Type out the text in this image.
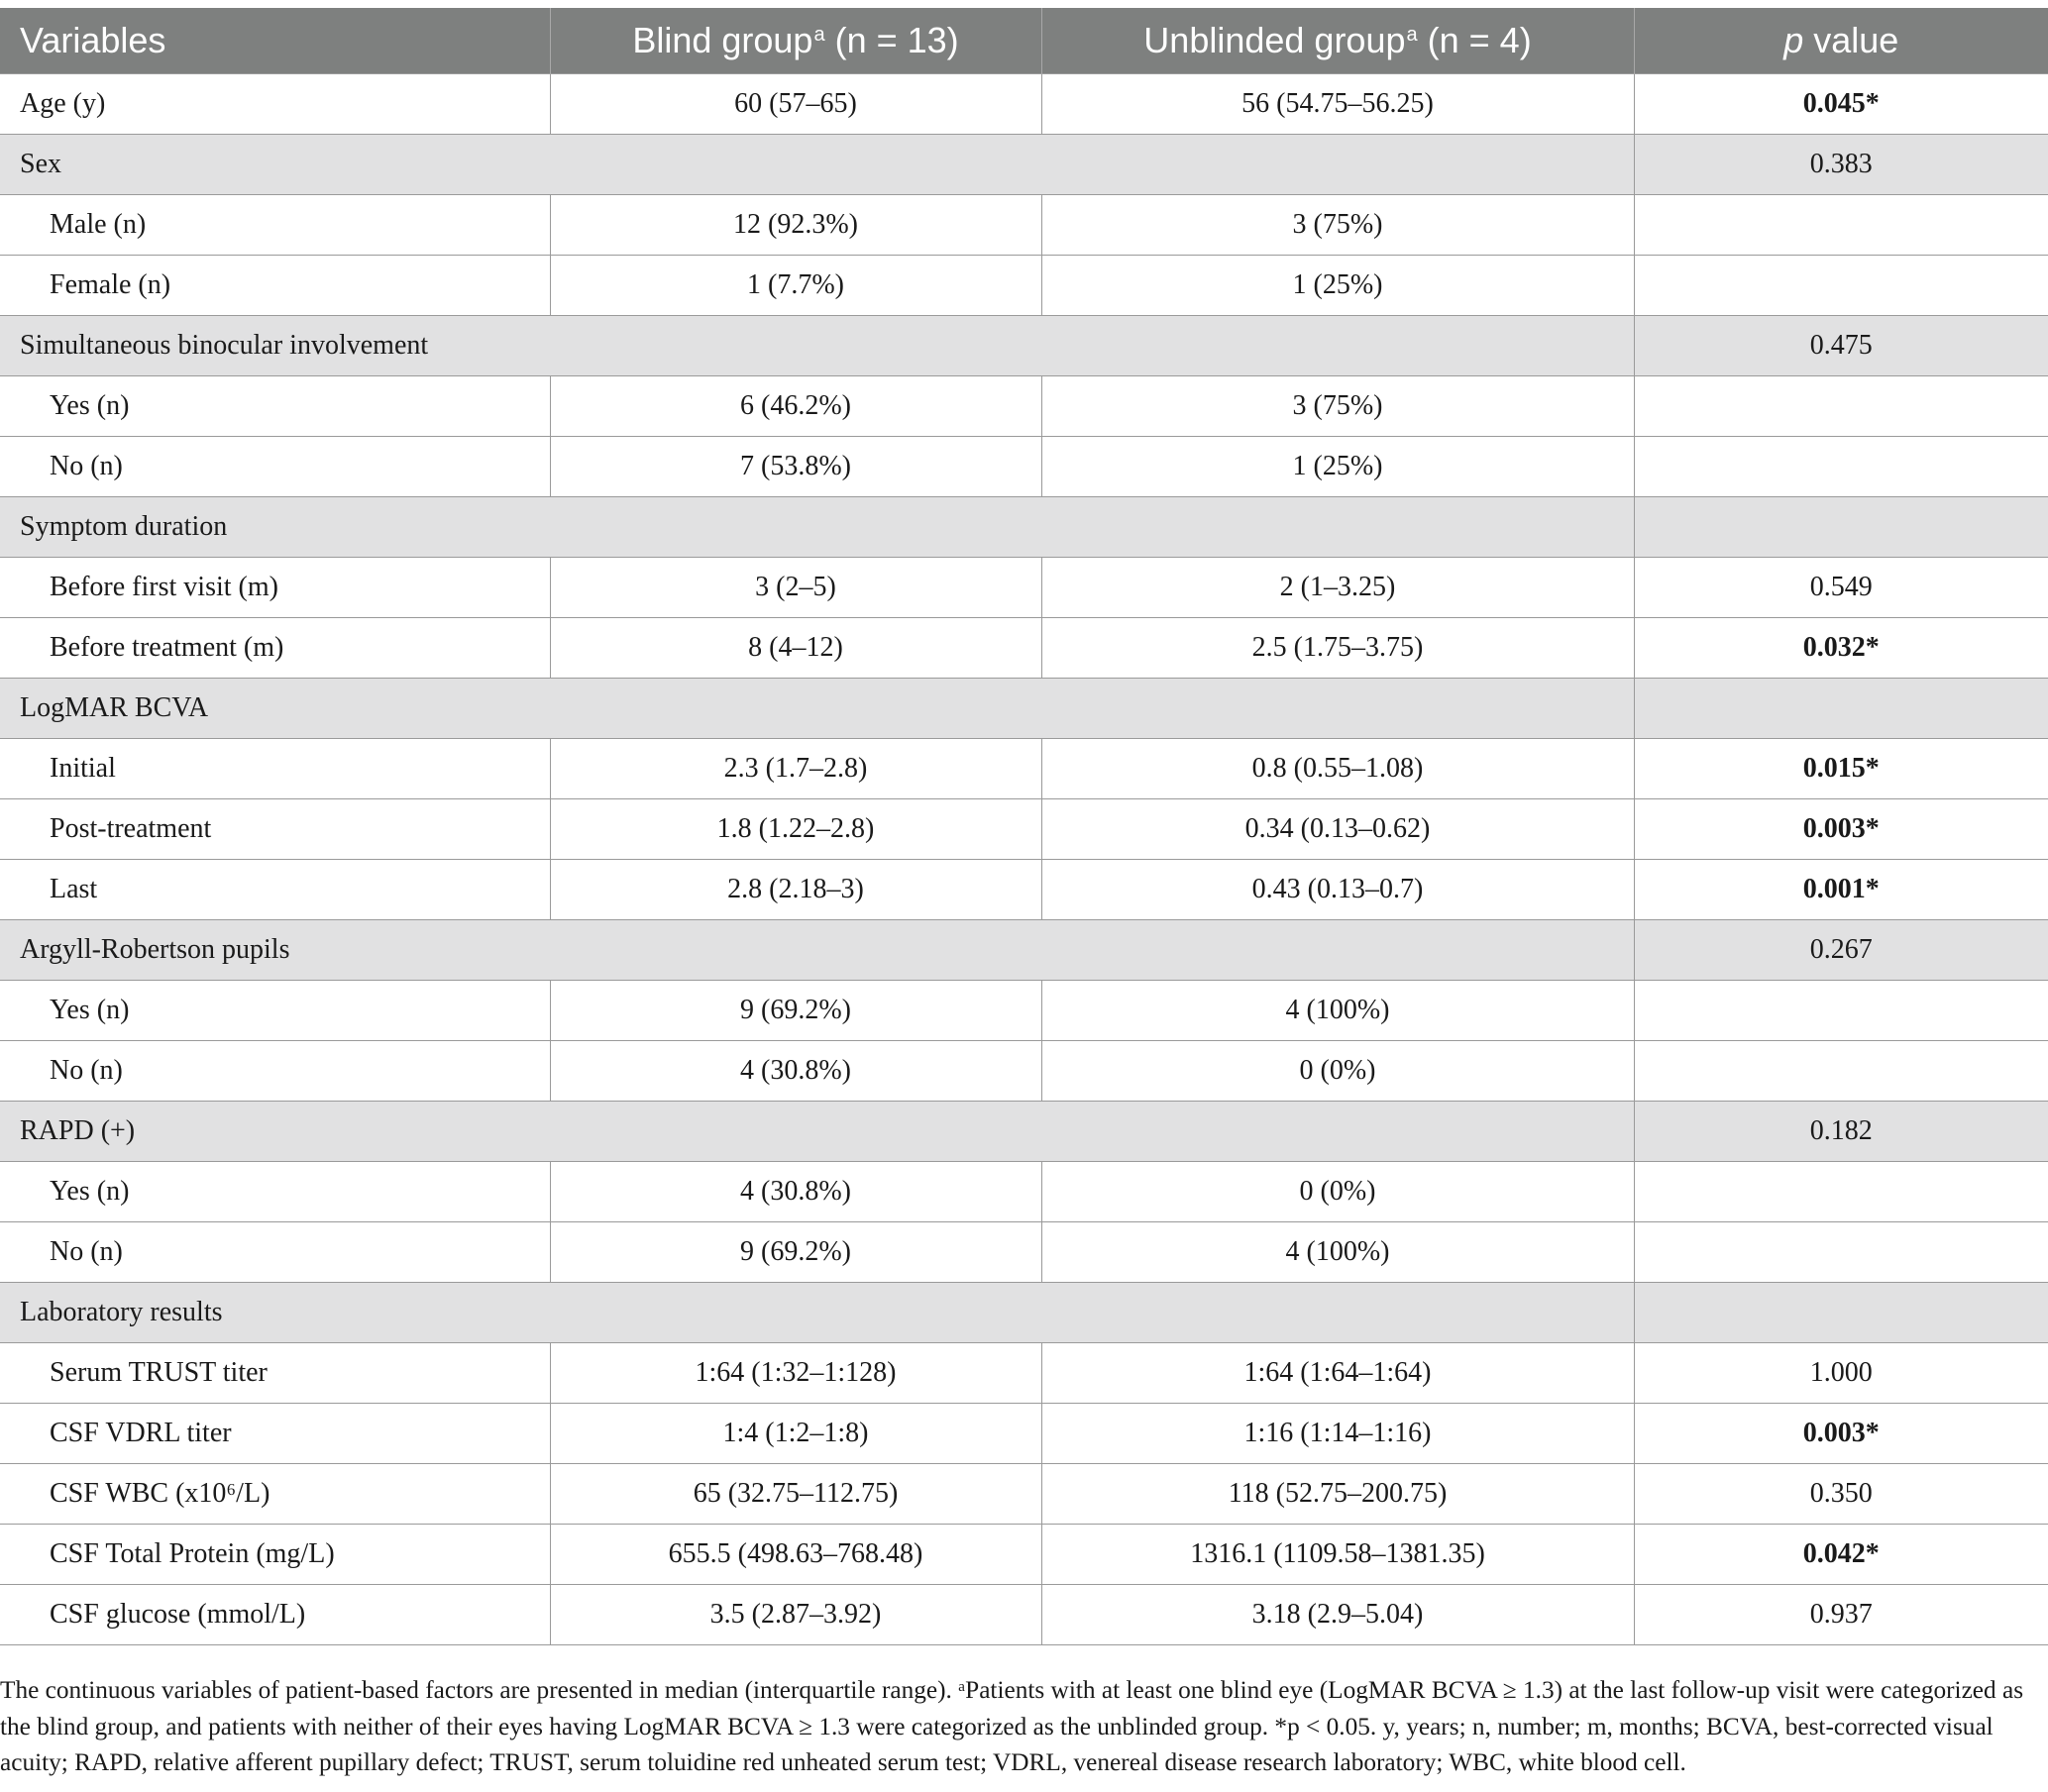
Variables	Blind group$^a$ (n = 13)	Unblinded group$^a$ (n = 4)	p value
Age (y)	60 (57–65)	56 (54.75–56.25)	0.045*
Sex			0.383
Male (n)	12 (92.3%)	3 (75%)	
Female (n)	1 (7.7%)	1 (25%)	
Simultaneous binocular involvement			0.475
Yes (n)	6 (46.2%)	3 (75%)	
No (n)	7 (53.8%)	1 (25%)	
Symptom duration			
Before first visit (m)	3 (2–5)	2 (1–3.25)	0.549
Before treatment (m)	8 (4–12)	2.5 (1.75–3.75)	0.032*
LogMAR BCVA			
Initial	2.3 (1.7–2.8)	0.8 (0.55–1.08)	0.015*
Post-treatment	1.8 (1.22–2.8)	0.34 (0.13–0.62)	0.003*
Last	2.8 (2.18–3)	0.43 (0.13–0.7)	0.001*
Argyll-Robertson pupils			0.267
Yes (n)	9 (69.2%)	4 (100%)	
No (n)	4 (30.8%)	0 (0%)	
RAPD (+)			0.182
Yes (n)	4 (30.8%)	0 (0%)	
No (n)	9 (69.2%)	4 (100%)	
Laboratory results			
Serum TRUST titer	1:64 (1:32–1:128)	1:64 (1:64–1:64)	1.000
CSF VDRL titer	1:4 (1:2–1:8)	1:16 (1:14–1:16)	0.003*
CSF WBC (x10⁶/L)	65 (32.75–112.75)	118 (52.75–200.75)	0.350
CSF Total Protein (mg/L)	655.5 (498.63–768.48)	1316.1 (1109.58–1381.35)	0.042*
CSF glucose (mmol/L)	3.5 (2.87–3.92)	3.18 (2.9–5.04)	0.937

The continuous variables of patient-based factors are presented in median (interquartile range). ᵃPatients with at least one blind eye (LogMAR BCVA ≥ 1.3) at the last follow-up visit were categorized as the blind group, and patients with neither of their eyes having LogMAR BCVA ≥ 1.3 were categorized as the unblinded group. *p < 0.05. y, years; n, number; m, months; BCVA, best-corrected visual acuity; RAPD, relative afferent pupillary defect; TRUST, serum toluidine red unheated serum test; VDRL, venereal disease research laboratory; WBC, white blood cell.
